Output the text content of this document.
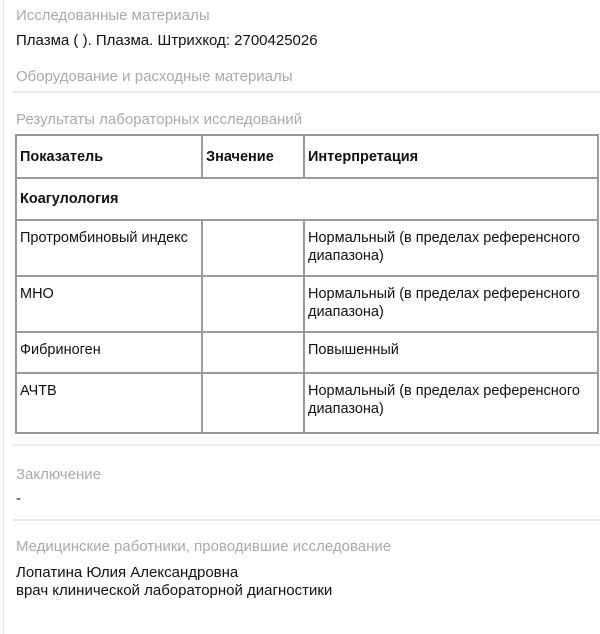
Исследованные материалы
Плазма ( ). Плазма. Штрихкод: 2700425026
Оборудование и расходные материалы
Результаты лабораторных исследований
Показатель	Значение	Интерпретация
Коагулология		
Протромбиновый индекс		Нормальный (в пределах референсного диапазона)
МНО		Нормальный (в пределах референсного диапазона)
Фибриноген		Повышенный
АЧТВ		Нормальный (в пределах референсного диапазона)
Заключение
-
Медицинские работники, проводившие исследование
Лопатина Юлия Александровна
врач клинической лабораторной диагностики
